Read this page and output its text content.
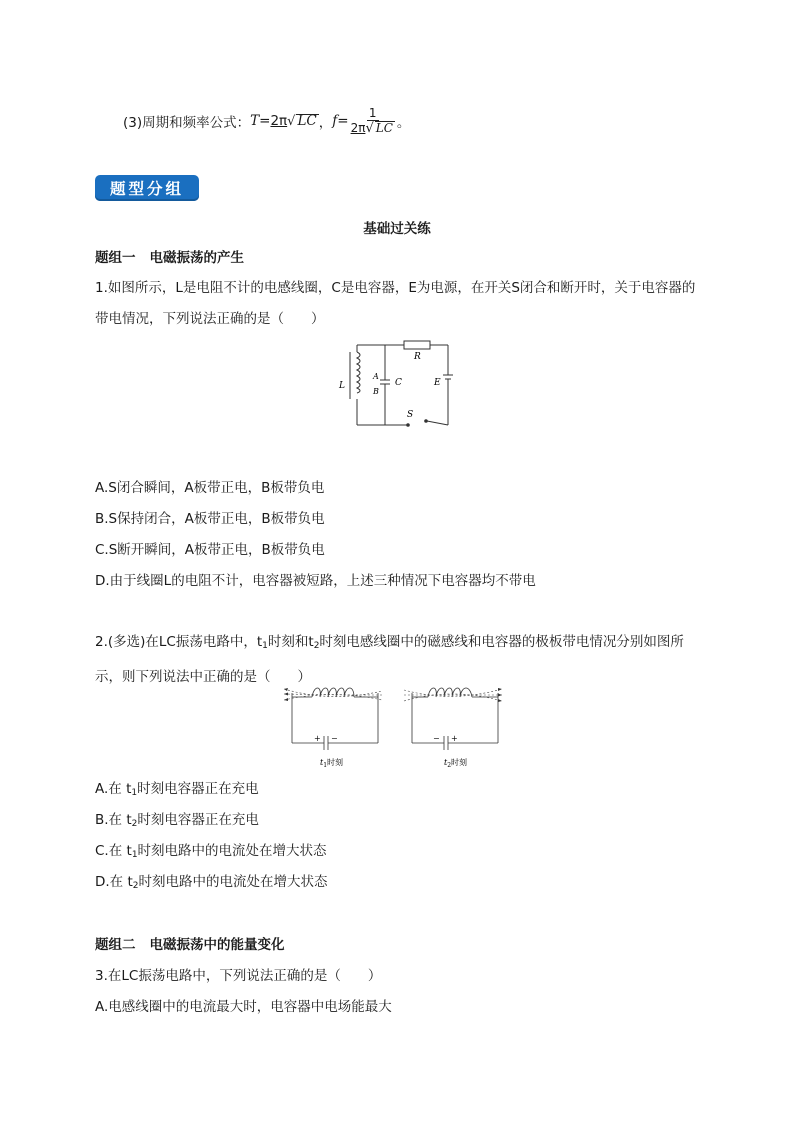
(3)周期和频率公式： T = 2π √ LC ， $f = \frac{1}{2\pi√ LC}$ 。
题型分组
基础过关练
题组一 电磁振荡的产生
1.如图所示，L是电阻不计的电感线圈，C是电容器，E为电源，在开关S闭合和断开时，关于电容器的带电情况，下列说法正确的是（　　）
L
A
B
C
R
E
S
A.S闭合瞬间，A板带正电，B板带负电
B.S保持闭合，A板带正电，B板带负电
C.S断开瞬间，A板带正电，B板带负电
D.由于线圈L的电阻不计，电容器被短路，上述三种情况下电容器均不带电
2.(多选)在LC振荡电路中，$t_1$时刻和$t_2$时刻电感线圈中的磁感线和电容器的极板带电情况分别如图所示，则下列说法中正确的是（　　）
+ −
$t_1$时刻
− +
$t_2$时刻
A.在 $t_1$时刻电容器正在充电
B.在 $t_2$时刻电容器正在充电
C.在 $t_1$时刻电路中的电流处在增大状态
D.在 $t_2$时刻电路中的电流处在增大状态
题组二 电磁振荡中的能量变化
3.在LC振荡电路中，下列说法正确的是（　　）
A.电感线圈中的电流最大时，电容器中电场能最大
